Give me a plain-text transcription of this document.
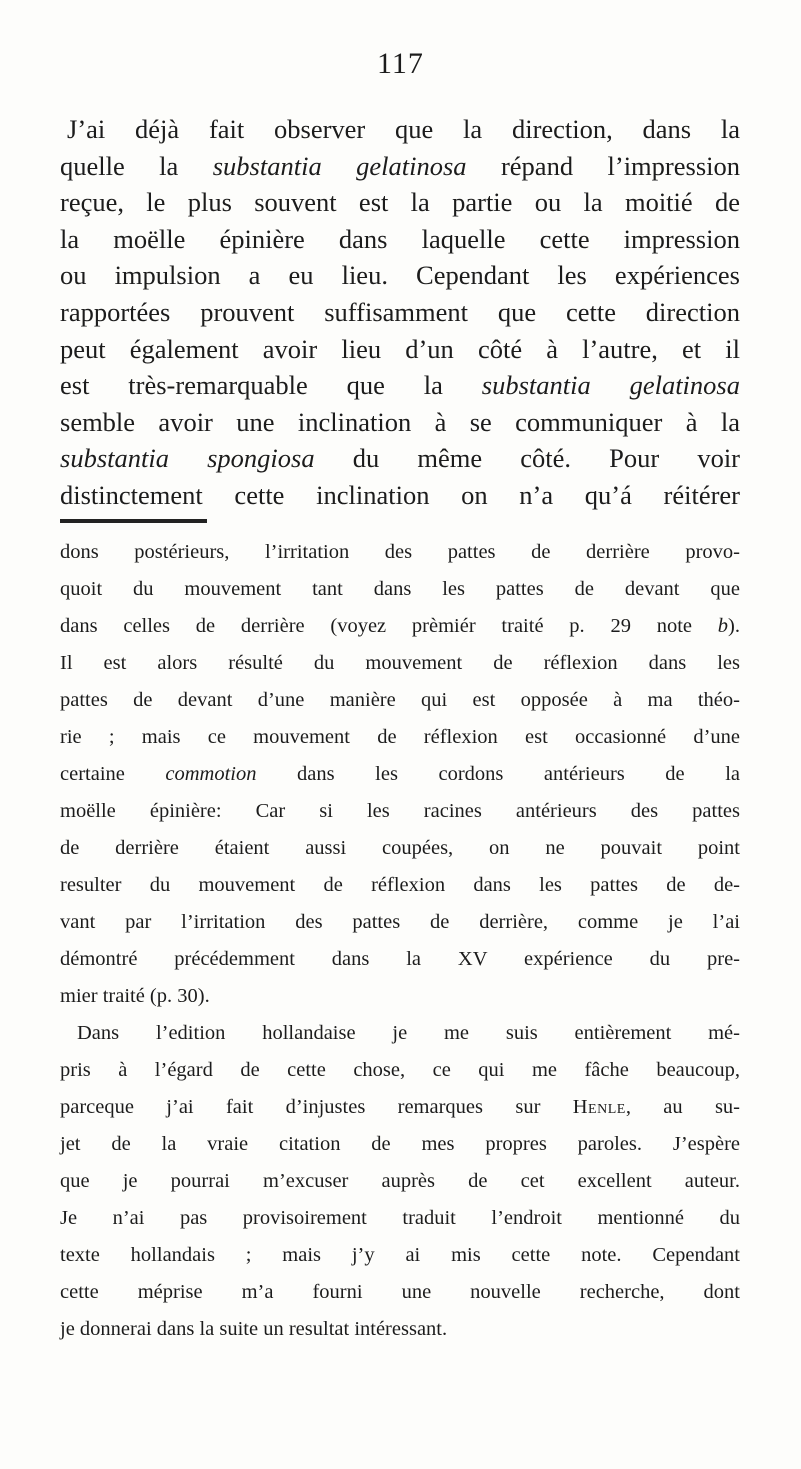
117
J’ai déjà fait observer que la direction, dans la
quelle la substantia gelatinosa répand l’impression
reçue, le plus souvent est la partie ou la moitié de
la moëlle épinière dans laquelle cette impression
ou impulsion a eu lieu. Cependant les expériences
rapportées prouvent suffisamment que cette direction
peut également avoir lieu d’un côté à l’autre, et il
est très-remarquable que la substantia gelatinosa
semble avoir une inclination à se communiquer à la
substantia spongiosa du même côté. Pour voir
dons postérieurs, l’irritation des pattes de derrière provo-
quoit du mouvement tant dans les pattes de devant que
dans celles de derrière (voyez prèmiér traité p. 29 note b).
Il est alors résulté du mouvement de réflexion dans les
pattes de devant d’une manière qui est opposée à ma théo-
rie ; mais ce mouvement de réflexion est occasionné d’une
certaine commotion dans les cordons antérieurs de la
moëlle épinière: Car si les racines antérieurs des pattes
de derrière étaient aussi coupées, on ne pouvait point
resulter du mouvement de réflexion dans les pattes de de-
vant par l’irritation des pattes de derrière, comme je l’ai
démontré précédemment dans la XV expérience du pre-
mier traité (p. 30).
Dans l’edition hollandaise je me suis entièrement mé-
pris à l’égard de cette chose, ce qui me fâche beaucoup,
parceque j’ai fait d’injustes remarques sur Henle, au su-
jet de la vraie citation de mes propres paroles. J’espère
que je pourrai m’excuser auprès de cet excellent auteur.
Je n’ai pas provisoirement traduit l’endroit mentionné du
texte hollandais ; mais j’y ai mis cette note. Cependant
cette méprise m’a fourni une nouvelle recherche, dont
je donnerai dans la suite un resultat intéressant.
distinctement cette inclination on n’a qu’á réitérer
